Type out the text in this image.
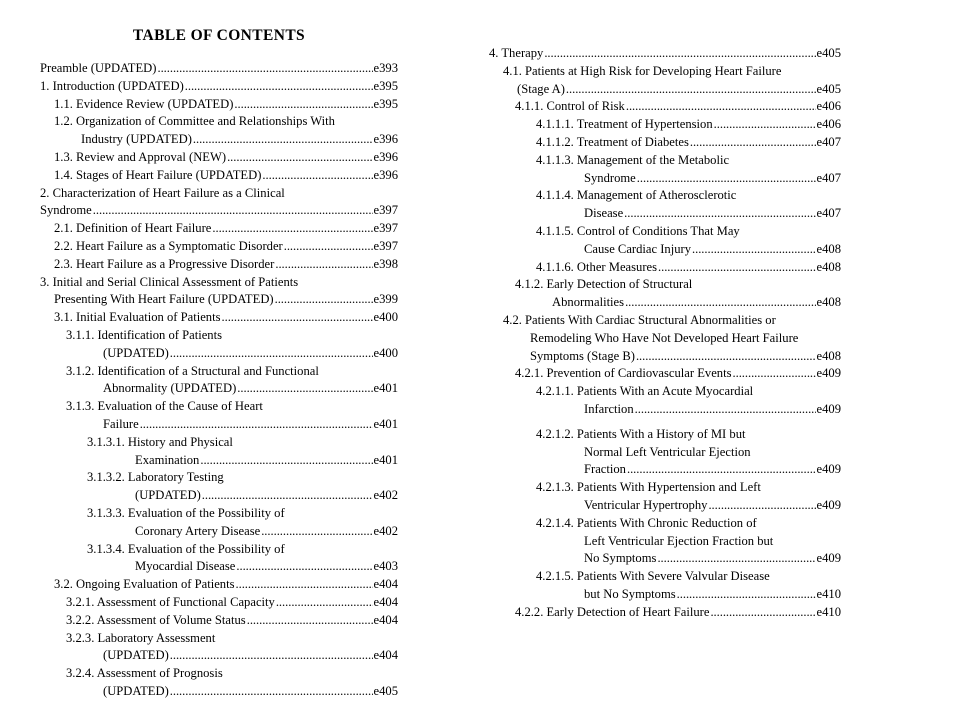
TABLE OF CONTENTS
Preamble (UPDATED) . . .	e393
1. Introduction (UPDATED) . . .	e395
1.1. Evidence Review (UPDATED) . . .	e395
1.2. Organization of Committee and Relationships With
Industry (UPDATED) . . .	e396
1.3. Review and Approval (NEW) . . .	e396
1.4. Stages of Heart Failure (UPDATED) . . .	e396
2. Characterization of Heart Failure as a Clinical
Syndrome . . .	e397
2.1. Definition of Heart Failure . . .	e397
2.2. Heart Failure as a Symptomatic Disorder . . .	e397
2.3. Heart Failure as a Progressive Disorder . . .	e398
3. Initial and Serial Clinical Assessment of Patients
Presenting With Heart Failure (UPDATED) . . .	e399
3.1. Initial Evaluation of Patients . . .	e400
3.1.1. Identification of Patients
(UPDATED) . . .	e400
3.1.2. Identification of a Structural and Functional
Abnormality (UPDATED) . . .	e401
3.1.3. Evaluation of the Cause of Heart
Failure . . .	e401
3.1.3.1. History and Physical
Examination . . .	e401
3.1.3.2. Laboratory Testing
(UPDATED) . . .	e402
3.1.3.3. Evaluation of the Possibility of
Coronary Artery Disease . . .	e402
3.1.3.4. Evaluation of the Possibility of
Myocardial Disease . . .	e403
3.2. Ongoing Evaluation of Patients . . .	e404
3.2.1. Assessment of Functional Capacity . . .	e404
3.2.2. Assessment of Volume Status . . .	e404
3.2.3. Laboratory Assessment
(UPDATED) . . .	e404
3.2.4. Assessment of Prognosis
(UPDATED) . . .	e405
4. Therapy . . .	e405
4.1. Patients at High Risk for Developing Heart Failure
(Stage A) . . .	e405
4.1.1. Control of Risk . . .	e406
4.1.1.1. Treatment of Hypertension . . .	e406
4.1.1.2. Treatment of Diabetes . . .	e407
4.1.1.3. Management of the Metabolic
Syndrome . . .	e407
4.1.1.4. Management of Atherosclerotic
Disease . . .	e407
4.1.1.5. Control of Conditions That May
Cause Cardiac Injury . . .	e408
4.1.1.6. Other Measures . . .	e408
4.1.2. Early Detection of Structural
Abnormalities . . .	e408
4.2. Patients With Cardiac Structural Abnormalities or
Remodeling Who Have Not Developed Heart Failure
Symptoms (Stage B) . . .	e408
4.2.1. Prevention of Cardiovascular Events . . .	e409
4.2.1.1. Patients With an Acute Myocardial
Infarction . . .	e409
4.2.1.2. Patients With a History of MI but
Normal Left Ventricular Ejection
Fraction . . .	e409
4.2.1.3. Patients With Hypertension and Left
Ventricular Hypertrophy . . .	e409
4.2.1.4. Patients With Chronic Reduction of
Left Ventricular Ejection Fraction but
No Symptoms . . .	e409
4.2.1.5. Patients With Severe Valvular Disease
but No Symptoms . . .	e410
4.2.2. Early Detection of Heart Failure . . .	e410
